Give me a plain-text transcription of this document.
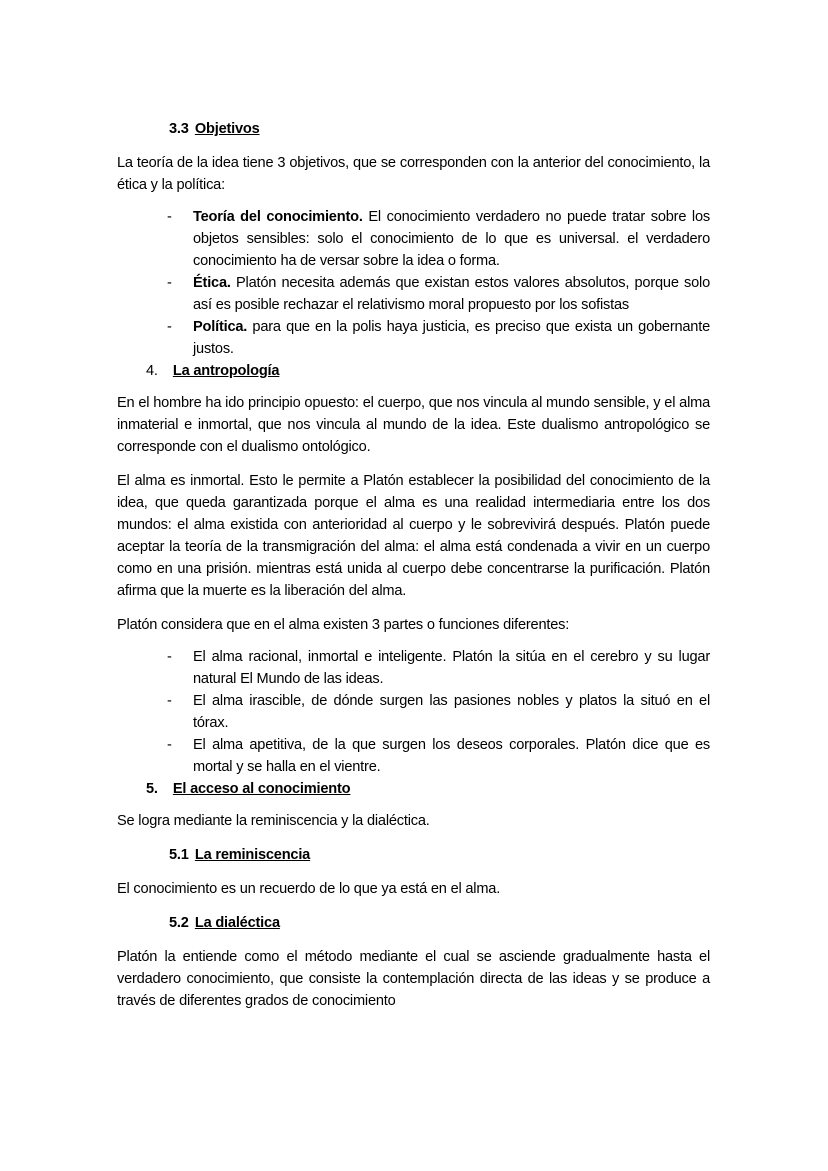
3.3 Objetivos

La teoría de la idea tiene 3 objetivos, que se corresponden con la anterior del conocimiento, la ética y la política:

- Teoría del conocimiento. El conocimiento verdadero no puede tratar sobre los objetos sensibles: solo el conocimiento de lo que es universal. el verdadero conocimiento ha de versar sobre la idea o forma.
- Ética. Platón necesita además que existan estos valores absolutos, porque solo así es posible rechazar el relativismo moral propuesto por los sofistas
- Política. para que en la polis haya justicia, es preciso que exista un gobernante justos.
4. La antropología

En el hombre ha ido principio opuesto: el cuerpo, que nos vincula al mundo sensible, y el alma inmaterial e inmortal, que nos vincula al mundo de la idea. Este dualismo antropológico se corresponde con el dualismo ontológico.

El alma es inmortal. Esto le permite a Platón establecer la posibilidad del conocimiento de la idea, que queda garantizada porque el alma es una realidad intermediaria entre los dos mundos: el alma existida con anterioridad al cuerpo y le sobrevivirá después. Platón puede aceptar la teoría de la transmigración del alma: el alma está condenada a vivir en un cuerpo como en una prisión. mientras está unida al cuerpo debe concentrarse la purificación. Platón afirma que la muerte es la liberación del alma.

Platón considera que en el alma existen 3 partes o funciones diferentes:

- El alma racional, inmortal e inteligente. Platón la sitúa en el cerebro y su lugar natural El Mundo de las ideas.
- El alma irascible, de dónde surgen las pasiones nobles y platos la situó en el tórax.
- El alma apetitiva, de la que surgen los deseos corporales. Platón dice que es mortal y se halla en el vientre.
5. El acceso al conocimiento

Se logra mediante la reminiscencia y la dialéctica.

5.1 La reminiscencia

El conocimiento es un recuerdo de lo que ya está en el alma.

5.2 La dialéctica

Platón la entiende como el método mediante el cual se asciende gradualmente hasta el verdadero conocimiento, que consiste la contemplación directa de las ideas y se produce a través de diferentes grados de conocimiento
